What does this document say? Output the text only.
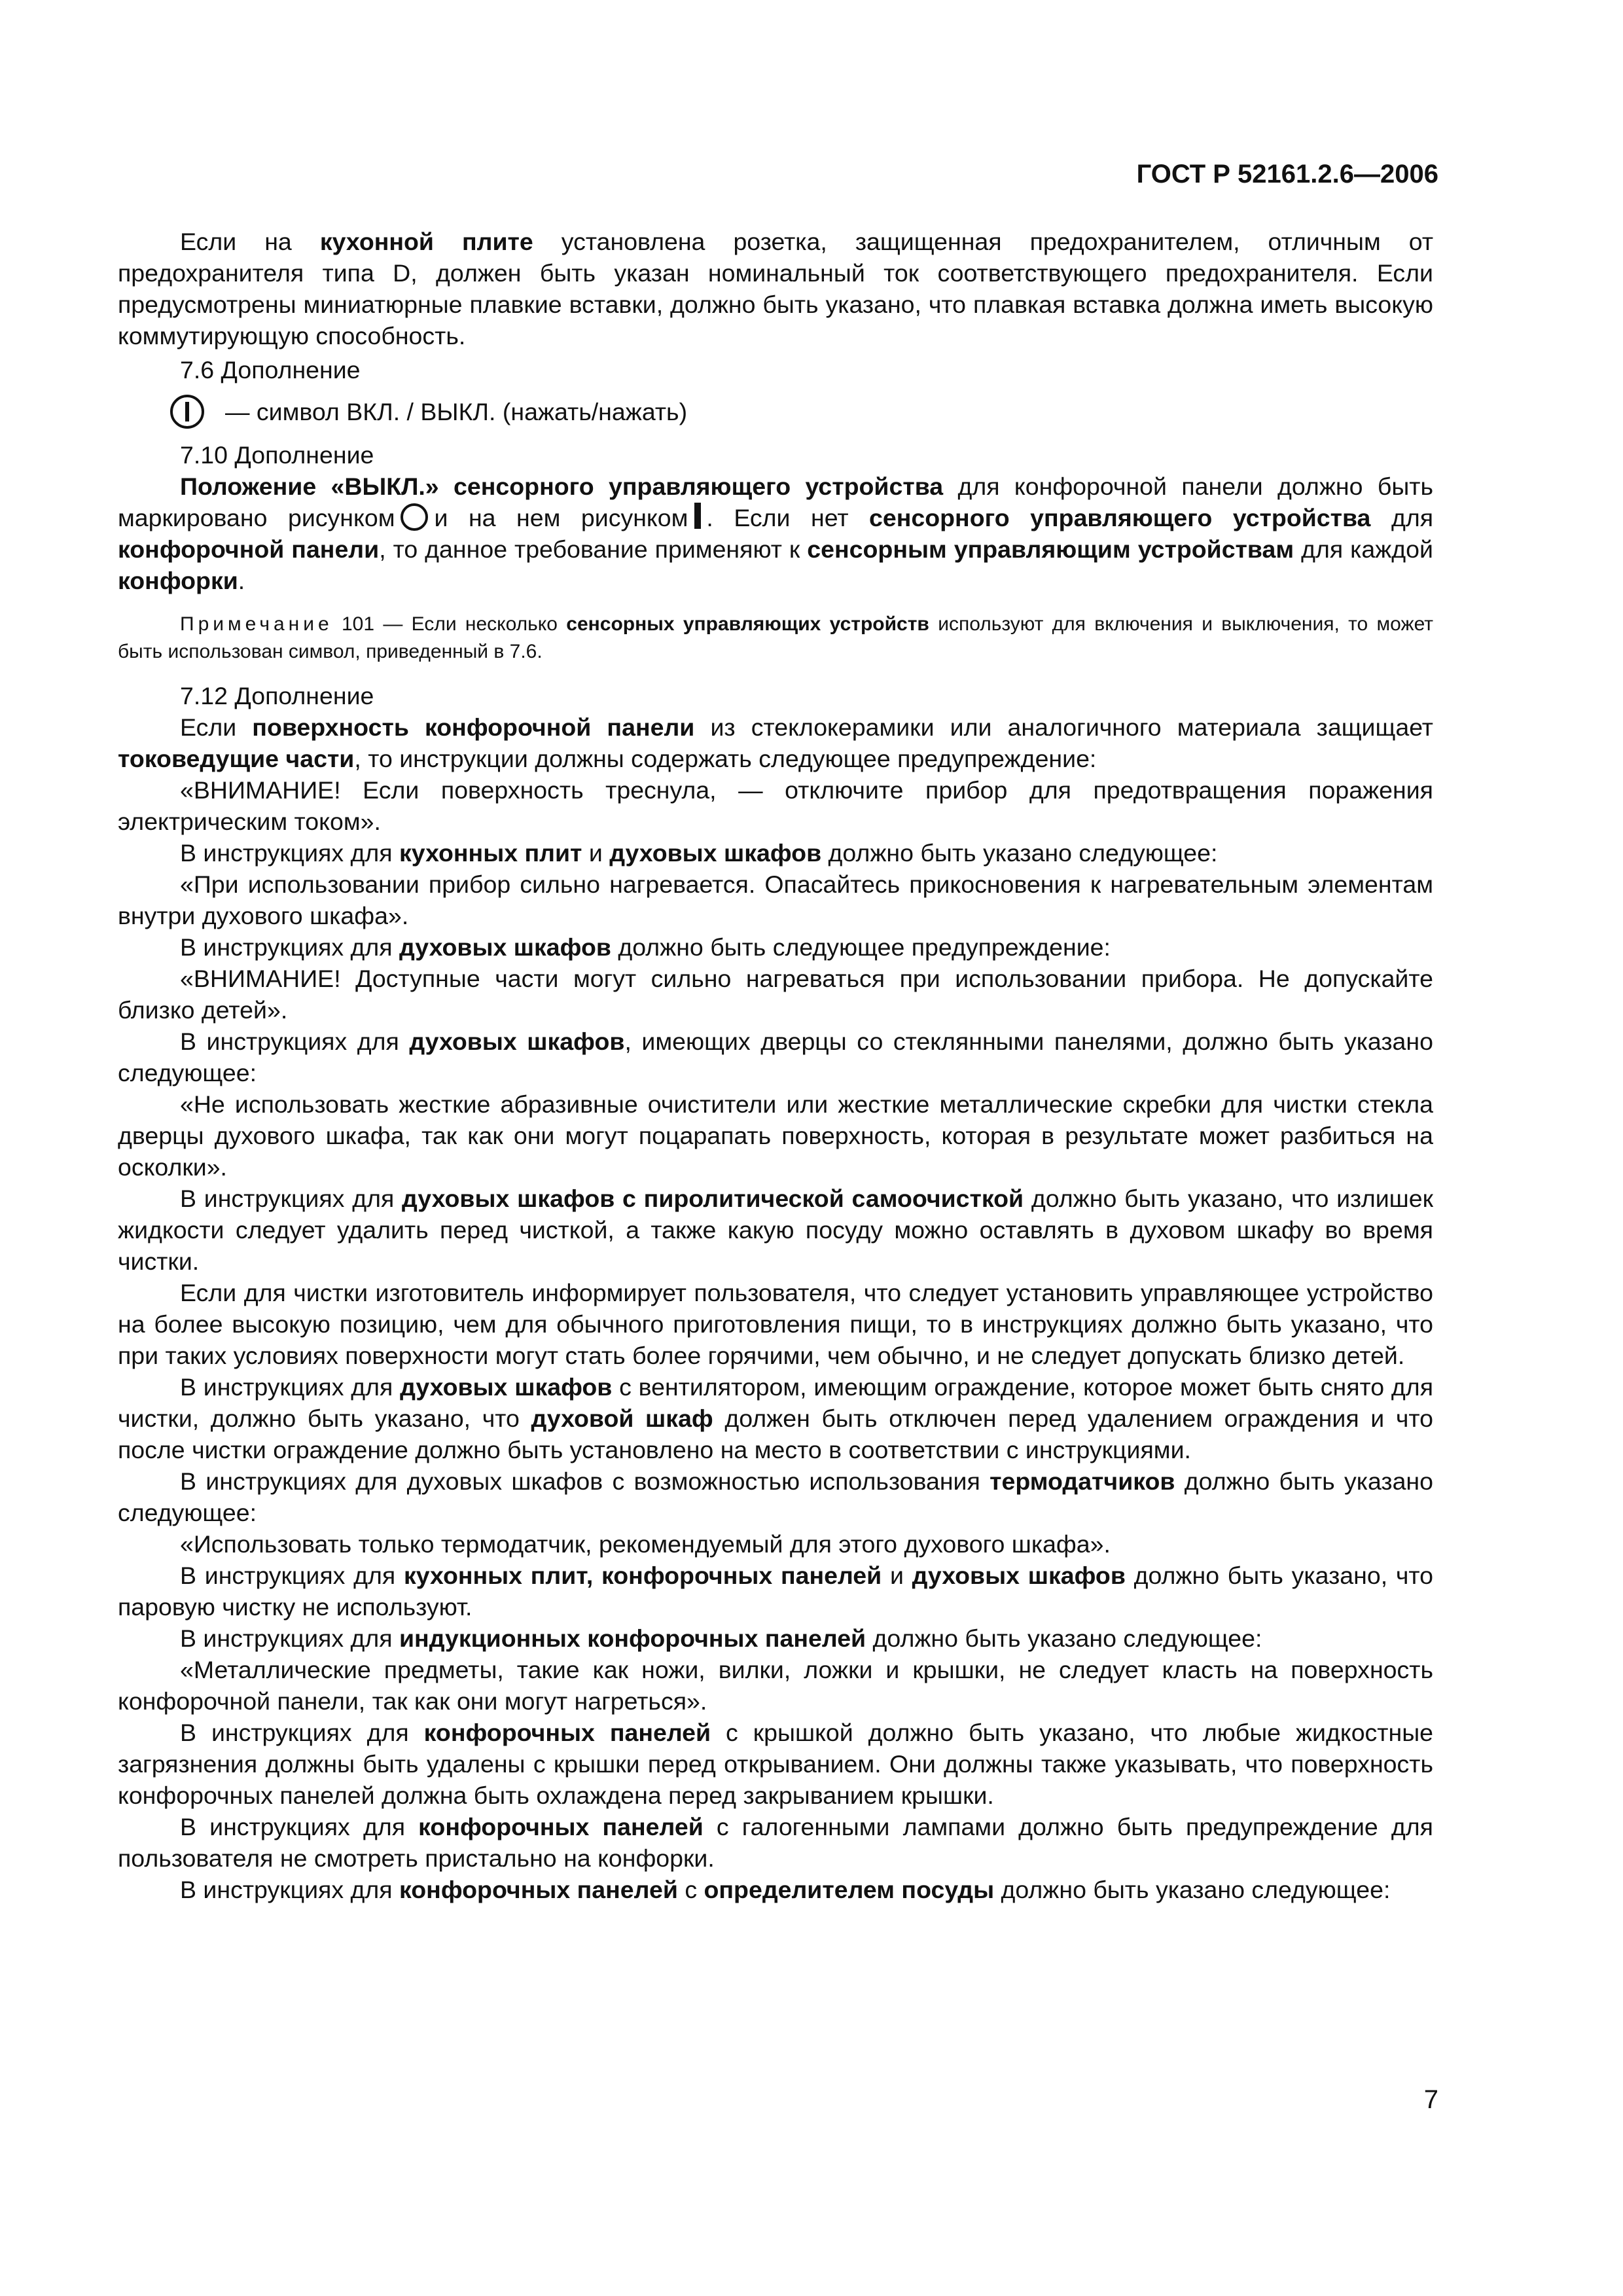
ГОСТ Р 52161.2.6—2006

Если на кухонной плите установлена розетка, защищенная предохранителем, отличным от предохранителя типа D, должен быть указан номинальный ток соответствующего предохранителя. Если предусмотрены миниатюрные плавкие вставки, должно быть указано, что плавкая вставка должна иметь высокую коммутирующую способность.

7.6 Дополнение

— символ ВКЛ. / ВЫКЛ. (нажать/нажать)

7.10 Дополнение

Положение «ВЫКЛ.» сенсорного управляющего устройства для конфорочной панели должно быть маркировано рисунком и на нем рисунком . Если нет сенсорного управляющего устройства для конфорочной панели, то данное требование применяют к сенсорным управляющим устройствам для каждой конфорки.

Примечание 101 — Если несколько сенсорных управляющих устройств используют для включения и выключения, то может быть использован символ, приведенный в 7.6.

7.12 Дополнение

Если поверхность конфорочной панели из стеклокерамики или аналогичного материала защищает токоведущие части, то инструкции должны содержать следующее предупреждение:

«ВНИМАНИЕ! Если поверхность треснула, — отключите прибор для предотвращения поражения электрическим током».

В инструкциях для кухонных плит и духовых шкафов должно быть указано следующее:

«При использовании прибор сильно нагревается. Опасайтесь прикосновения к нагревательным элементам внутри духового шкафа».

В инструкциях для духовых шкафов должно быть следующее предупреждение:

«ВНИМАНИЕ! Доступные части могут сильно нагреваться при использовании прибора. Не допускайте близко детей».

В инструкциях для духовых шкафов, имеющих дверцы со стеклянными панелями, должно быть указано следующее:

«Не использовать жесткие абразивные очистители или жесткие металлические скребки для чистки стекла дверцы духового шкафа, так как они могут поцарапать поверхность, которая в результате может разбиться на осколки».

В инструкциях для духовых шкафов с пиролитической самоочисткой должно быть указано, что излишек жидкости следует удалить перед чисткой, а также какую посуду можно оставлять в духовом шкафу во время чистки.

Если для чистки изготовитель информирует пользователя, что следует установить управляющее устройство на более высокую позицию, чем для обычного приготовления пищи, то в инструкциях должно быть указано, что при таких условиях поверхности могут стать более горячими, чем обычно, и не следует допускать близко детей.

В инструкциях для духовых шкафов с вентилятором, имеющим ограждение, которое может быть снято для чистки, должно быть указано, что духовой шкаф должен быть отключен перед удалением ограждения и что после чистки ограждение должно быть установлено на место в соответствии с инструкциями.

В инструкциях для духовых шкафов с возможностью использования термодатчиков должно быть указано следующее:

«Использовать только термодатчик, рекомендуемый для этого духового шкафа».

В инструкциях для кухонных плит, конфорочных панелей и духовых шкафов должно быть указано, что паровую чистку не используют.

В инструкциях для индукционных конфорочных панелей должно быть указано следующее:

«Металлические предметы, такие как ножи, вилки, ложки и крышки, не следует класть на поверхность конфорочной панели, так как они могут нагреться».

В инструкциях для конфорочных панелей с крышкой должно быть указано, что любые жидкостные загрязнения должны быть удалены с крышки перед открыванием. Они должны также указывать, что поверхность конфорочных панелей должна быть охлаждена перед закрыванием крышки.

В инструкциях для конфорочных панелей с галогенными лампами должно быть предупреждение для пользователя не смотреть пристально на конфорки.

В инструкциях для конфорочных панелей с определителем посуды должно быть указано следующее:

7
